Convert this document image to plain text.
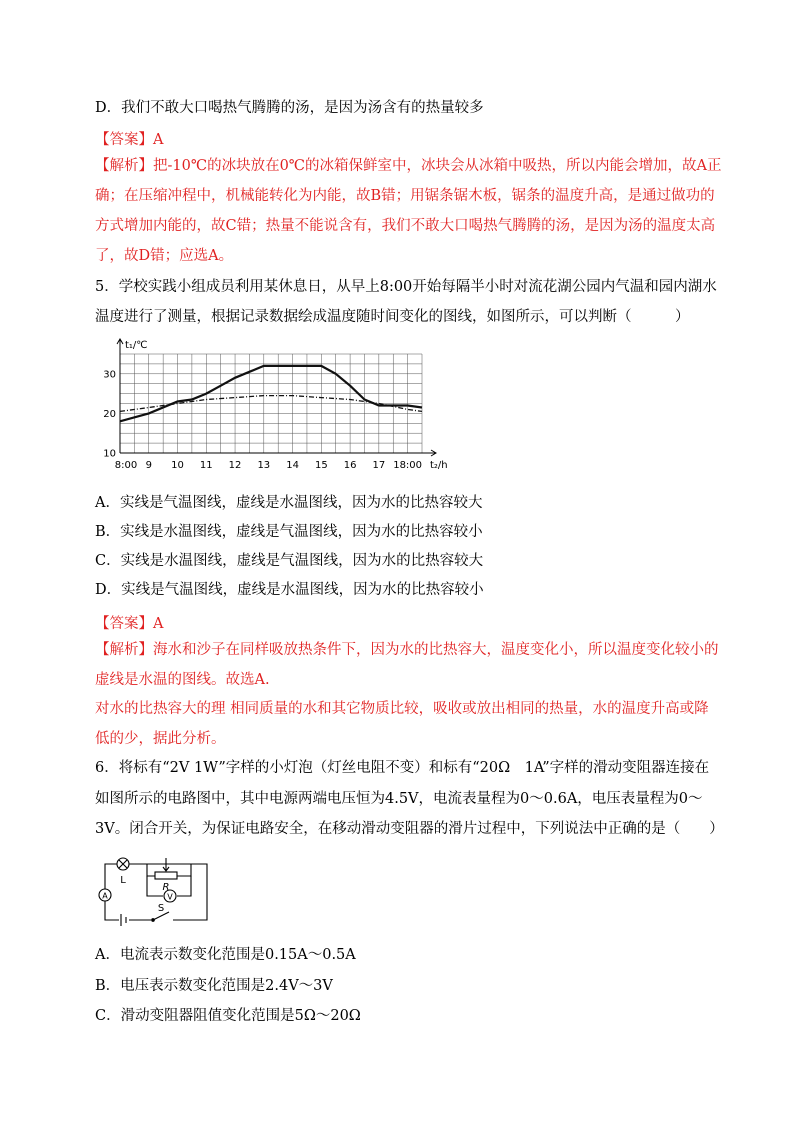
D．我们不敢大口喝热气腾腾的汤，是因为汤含有的热量较多
【答案】A
【解析】把-10℃的冰块放在0℃的冰箱保鲜室中，冰块会从冰箱中吸热，所以内能会增加，故A正
确；在压缩冲程中，机械能转化为内能，故B错；用锯条锯木板，锯条的温度升高，是通过做功的
方式增加内能的，故C错；热量不能说含有，我们不敢大口喝热气腾腾的汤，是因为汤的温度太高
了，故D错；应选A。
5．学校实践小组成员利用某休息日，从早上8:00开始每隔半小时对流花湖公园内气温和园内湖水
温度进行了测量，根据记录数据绘成温度随时间变化的图线，如图所示，可以判断（　　　）
8:00 9 10 11 12 13 14 15 16 17 18:00
10
20
30
t₁/℃
t₂/h
A．实线是气温图线，虚线是水温图线，因为水的比热容较大
B．实线是水温图线，虚线是气温图线，因为水的比热容较小
C．实线是水温图线，虚线是气温图线，因为水的比热容较大
D．实线是气温图线，虚线是水温图线，因为水的比热容较小
【答案】A
【解析】海水和沙子在同样吸放热条件下，因为水的比热容大，温度变化小，所以温度变化较小的
虚线是水温的图线。故选A.
对水的比热容大的理 相同质量的水和其它物质比较，吸收或放出相同的热量，水的温度升高或降
低的少，据此分析。
6．将标有“2V 1W”字样的小灯泡（灯丝电阻不变）和标有“20Ω　1A”字样的滑动变阻器连接在
如图所示的电路图中，其中电源两端电压恒为4.5V，电流表量程为0～0.6A，电压表量程为0～
3V。闭合开关，为保证电路安全，在移动滑动变阻器的滑片过程中，下列说法中正确的是（　　）
A	V
L
R
S
A．电流表示数变化范围是0.15A～0.5A
B．电压表示数变化范围是2.4V～3V
C．滑动变阻器阻值变化范围是5Ω～20Ω
